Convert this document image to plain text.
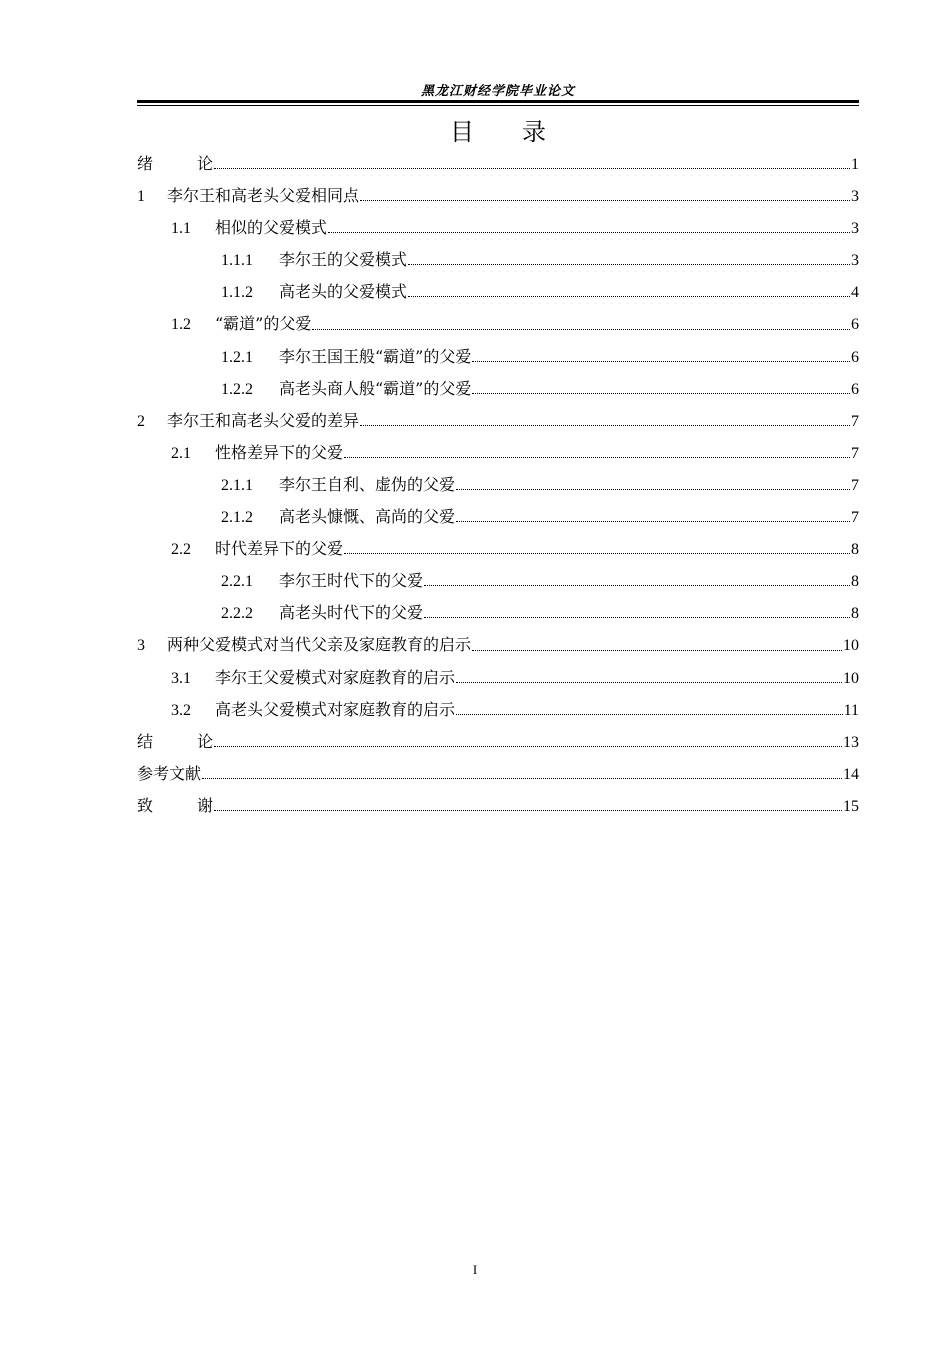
黑龙江财经学院毕业论文
目 录
绪	论	1
1	李尔王和高老头父爱相同点	3
1.1	相似的父爱模式	3
1.1.1	李尔王的父爱模式	3
1.1.2	高老头的父爱模式	4
1.2	“霸道”的父爱	6
1.2.1	李尔王国王般“霸道”的父爱	6
1.2.2	高老头商人般“霸道”的父爱	6
2	李尔王和高老头父爱的差异	7
2.1	性格差异下的父爱	7
2.1.1	李尔王自利、虚伪的父爱	7
2.1.2	高老头慷慨、高尚的父爱	7
2.2	时代差异下的父爱	8
2.2.1	李尔王时代下的父爱	8
2.2.2	高老头时代下的父爱	8
3	两种父爱模式对当代父亲及家庭教育的启示	10
3.1	李尔王父爱模式对家庭教育的启示	10
3.2	高老头父爱模式对家庭教育的启示	11
结	论	13
参考文献	14
致	谢	15
I
